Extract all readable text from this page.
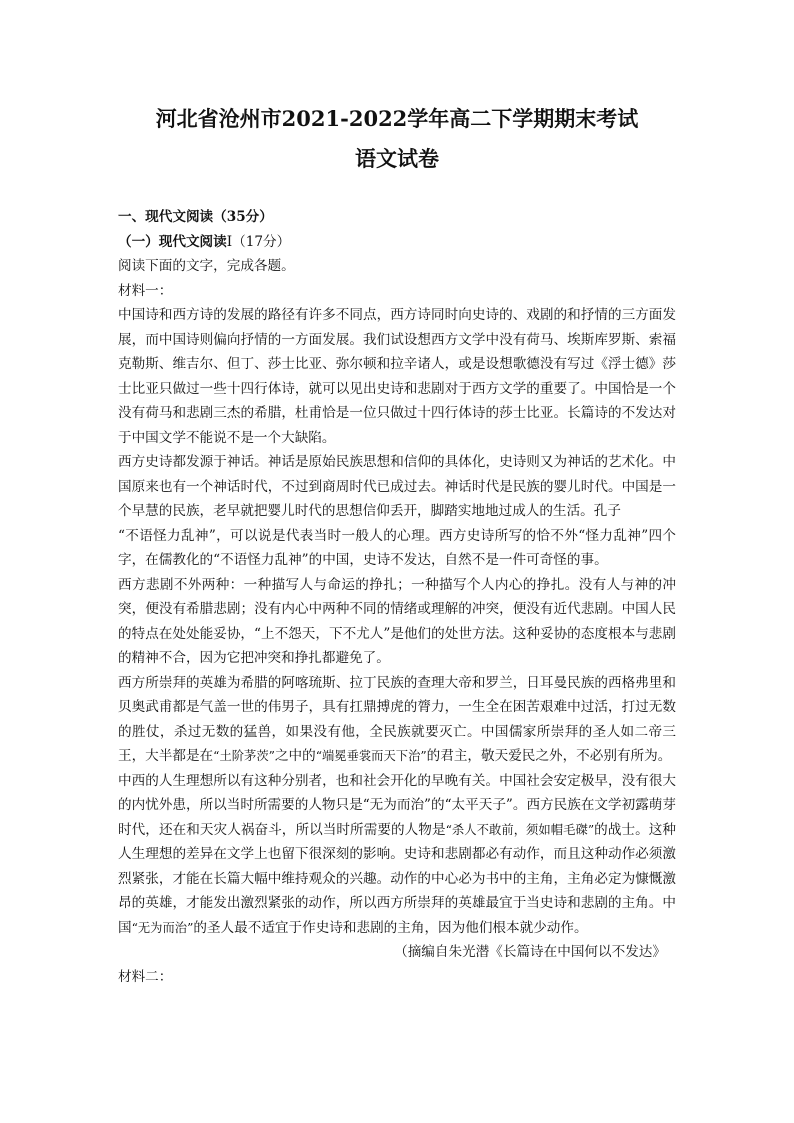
河北省沧州市2021-2022学年高二下学期期末考试
语文试卷

一、现代文阅读（35分）

（一）现代文阅读I（17分）

阅读下面的文字，完成各题。

材料一：

中国诗和西方诗的发展的路径有许多不同点，西方诗同时向史诗的、戏剧的和抒情的三方面发展，而中国诗则偏向抒情的一方面发展。我们试设想西方文学中没有荷马、埃斯库罗斯、索福克勒斯、维吉尔、但丁、莎士比亚、弥尔顿和拉辛诸人，或是设想歌德没有写过《浮士德》莎士比亚只做过一些十四行体诗，就可以见出史诗和悲剧对于西方文学的重要了。中国恰是一个没有荷马和悲剧三杰的希腊，杜甫恰是一位只做过十四行体诗的莎士比亚。长篇诗的不发达对于中国文学不能说不是一个大缺陷。

西方史诗都发源于神话。神话是原始民族思想和信仰的具体化，史诗则又为神话的艺术化。中国原来也有一个神话时代，不过到商周时代已成过去。神话时代是民族的婴儿时代。中国是一个早慧的民族，老早就把婴儿时代的思想信仰丢开，脚踏实地地过成人的生活。孔子
“不语怪力乱神”，可以说是代表当时一般人的心理。西方史诗所写的恰不外“怪力乱神”四个字，在儒教化的“不语怪力乱神”的中国，史诗不发达，自然不是一件可奇怪的事。

西方悲剧不外两种：一种描写人与命运的挣扎；一种描写个人内心的挣扎。没有人与神的冲突，便没有希腊悲剧；没有内心中两种不同的情绪或理解的冲突，便没有近代悲剧。中国人民的特点在处处能妥协，“上不怨天，下不尤人”是他们的处世方法。这种妥协的态度根本与悲剧的精神不合，因为它把冲突和挣扎都避免了。

西方所崇拜的英雄为希腊的阿喀琉斯、拉丁民族的查理大帝和罗兰，日耳曼民族的西格弗里和贝奥武甫都是气盖一世的伟男子，具有扛鼎搏虎的膂力，一生全在困苦艰难中过活，打过无数的胜仗，杀过无数的猛兽，如果没有他，全民族就要灭亡。中国儒家所崇拜的圣人如二帝三王，大半都是在“土阶茅茨”之中的“端冕垂裳而天下治”的君主，敬天爱民之外，不必别有所为。

中西的人生理想所以有这种分别者，也和社会开化的早晚有关。中国社会安定极早，没有很大的内忧外患，所以当时所需要的人物只是“无为而治”的“太平天子”。西方民族在文学初露萌芽时代，还在和天灾人祸奋斗，所以当时所需要的人物是“杀人不敢前，须如帽毛磔”的战士。这种人生理想的差异在文学上也留下很深刻的影响。史诗和悲剧都必有动作，而且这种动作必须激烈紧张，才能在长篇大幅中维持观众的兴趣。动作的中心必为书中的主角，主角必定为慷慨激昂的英雄，才能发出激烈紧张的动作，所以西方所崇拜的英雄最宜于当史诗和悲剧的主角。中国“无为而治”的圣人最不适宜于作史诗和悲剧的主角，因为他们根本就少动作。

（摘编自朱光潜《长篇诗在中国何以不发达》

材料二：
